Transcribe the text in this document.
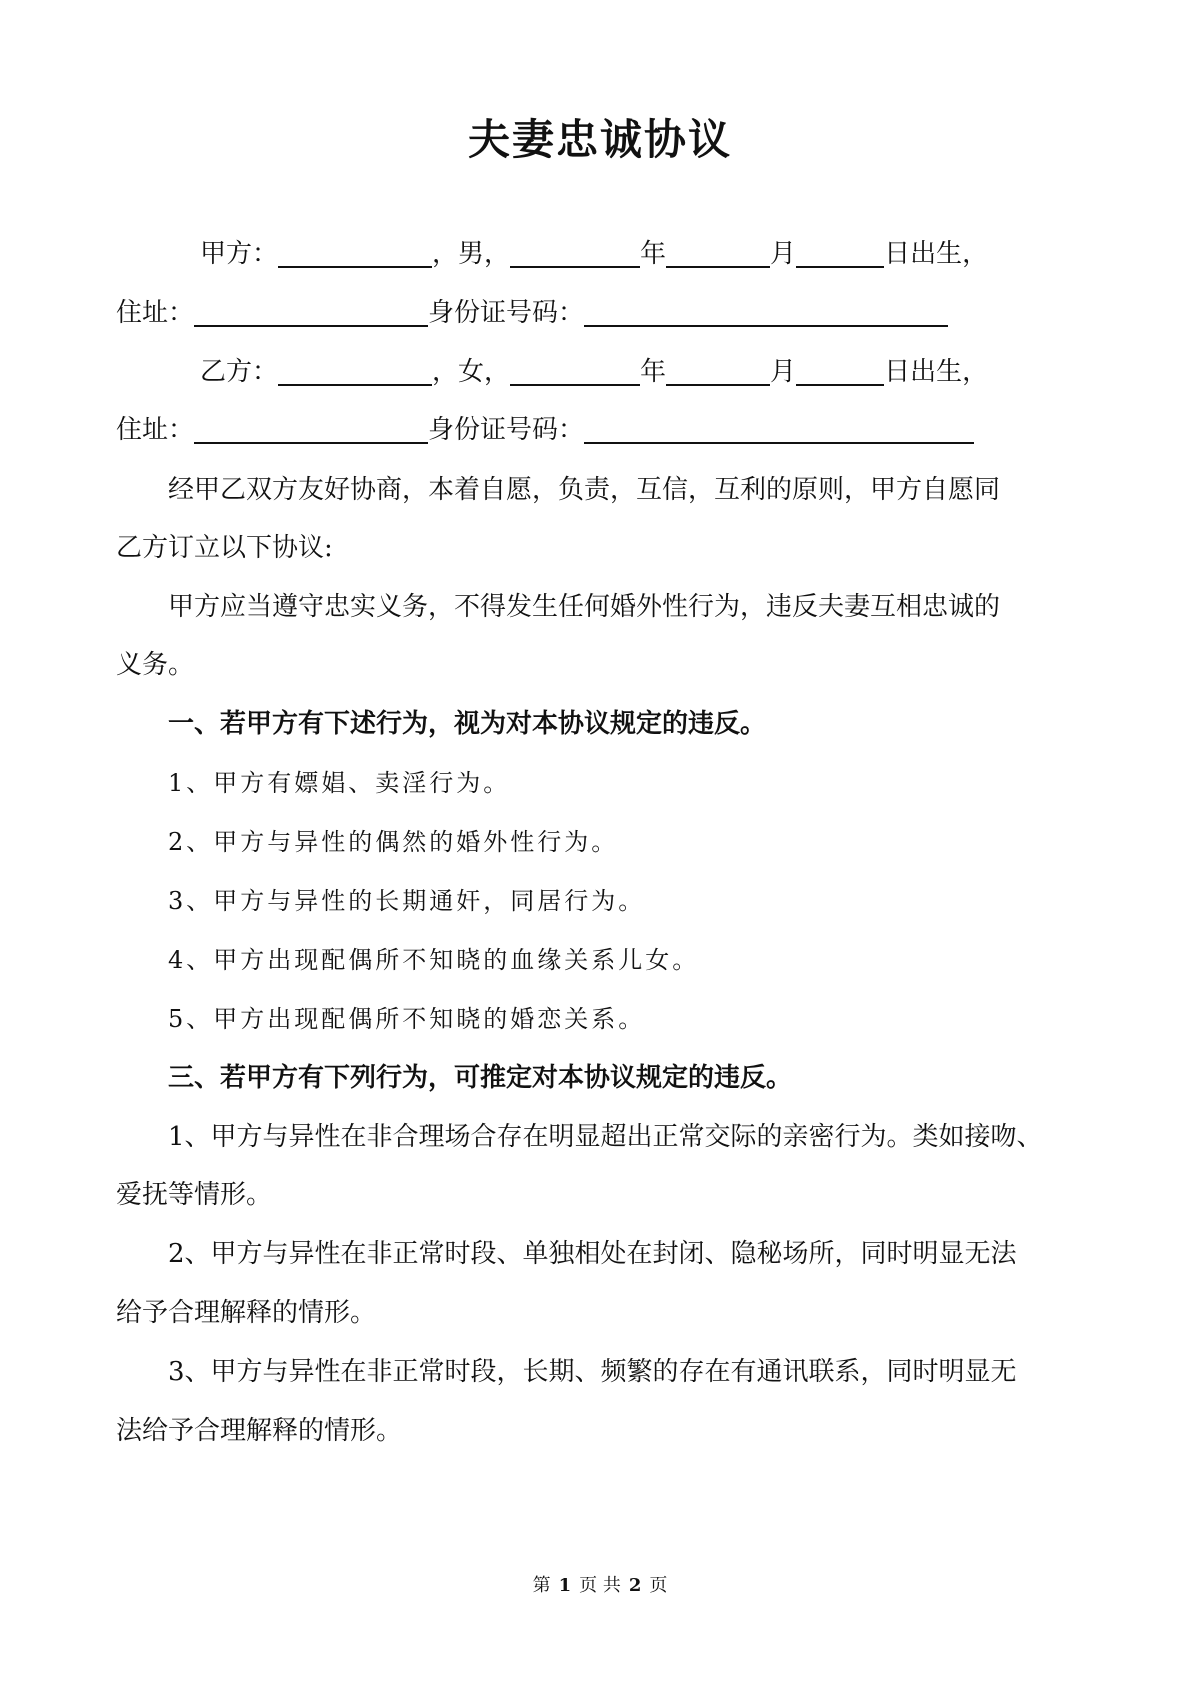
夫妻忠诚协议
甲方：	，男，	年	月	日出生，
住址：	身份证号码：
乙方：	，女，	年	月	日出生，
住址：	身份证号码：
经甲乙双方友好协商，本着自愿，负责，互信，互利的原则，甲方自愿同
乙方订立以下协议:
甲方应当遵守忠实义务，不得发生任何婚外性行为，违反夫妻互相忠诚的
义务。
一、若甲方有下述行为，视为对本协议规定的违反。
1、甲方有嫖娼、卖淫行为。
2、甲方与异性的偶然的婚外性行为。
3、甲方与异性的长期通奸，同居行为。
4、甲方出现配偶所不知晓的血缘关系儿女。
5、甲方出现配偶所不知晓的婚恋关系。
三、若甲方有下列行为，可推定对本协议规定的违反。
1、甲方与异性在非合理场合存在明显超出正常交际的亲密行为。类如接吻、
爱抚等情形。
2、甲方与异性在非正常时段、单独相处在封闭、隐秘场所，同时明显无法
给予合理解释的情形。
3、甲方与异性在非正常时段，长期、频繁的存在有通讯联系，同时明显无
法给予合理解释的情形。
第 1 页 共 2 页
